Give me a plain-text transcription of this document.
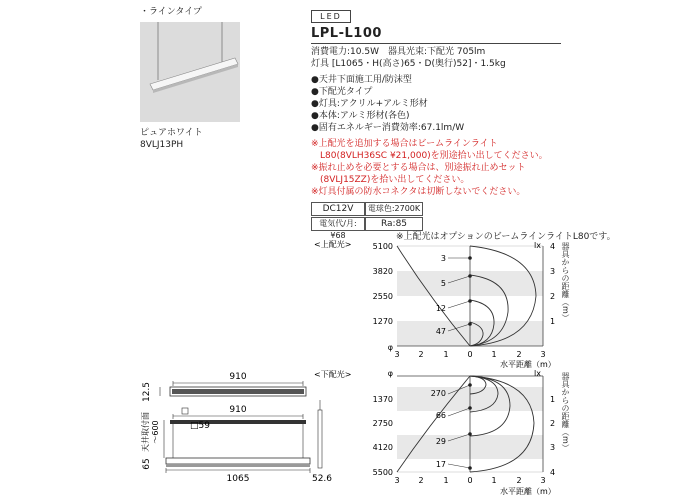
・ラインタイプ
ピュアホワイト
8VLJ13PH
LED
LPL-L100
消費電力:10.5W　器具光束:下配光 705lm
灯具 [L1065・H(高さ)65・D(奥行)52]・1.5kg
●天井下面施工用/防沫型
●下配光タイプ
●灯具:アクリル+アルミ形材
●本体:アルミ形材(各色)
●固有エネルギー消費効率:67.1lm/W
※上配光を追加する場合はビームラインライト
　L80(8VLH36SC ¥21,000)を別途拾い出してください。
※振れ止めを必要とする場合は、別途振れ止めセット
　(8VLJ15ZZ)を拾い出してください。
※灯具付属の防水コネクタは切断しないでください。
DC12V	電球色:2700K
電気代/月:¥68
Ra:85
※上配光はオプションのビームラインライトL80です。
<上配光>
3
5
12
47
5100
3820
2550
1270
φ
lx 4
3
2
1
3 2 1 0 1 2 3
水平距離（m）
器具からの距離（m）
<下配光>
270
66
29
17
φ
1370
2750
4120
5500
lx
1
2
3
4
3 2 1 0 1 2 3
水平距離（m）
器具からの距離（m）
910
12.5
910
□59
天井取付面 〜600
65
1065	52.6
